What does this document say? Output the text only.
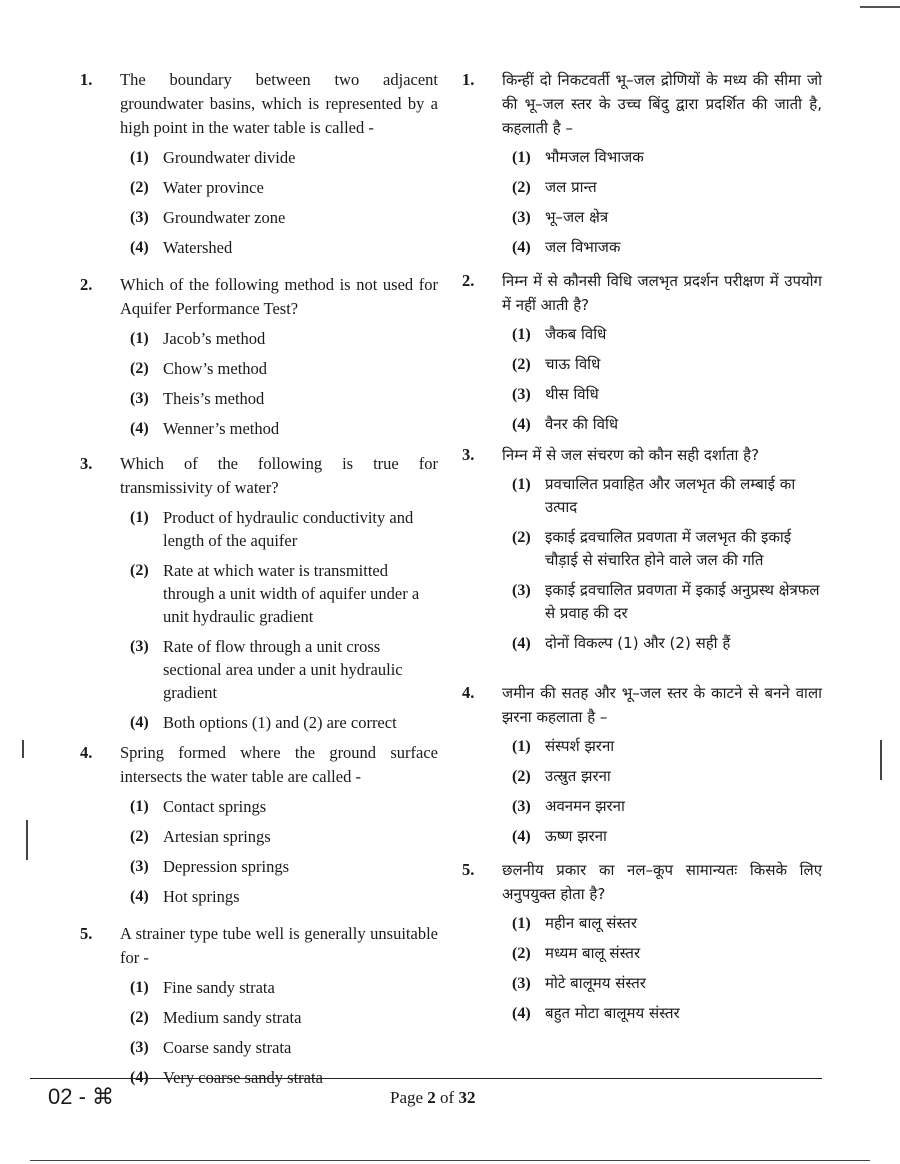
1. The boundary between two adjacent groundwater basins, which is represented by a high point in the water table is called -

(1) Groundwater divide
(2) Water province
(3) Groundwater zone
(4) Watershed
2. Which of the following method is not used for Aquifer Performance Test?

(1) Jacob’s method
(2) Chow’s method
(3) Theis’s method
(4) Wenner’s method
3. Which of the following is true for transmissivity of water?

(1) Product of hydraulic conductivity and length of the aquifer
(2) Rate at which water is transmitted through a unit width of aquifer under a unit hydraulic gradient
(3) Rate of flow through a unit cross sectional area under a unit hydraulic gradient
(4) Both options (1) and (2) are correct
4. Spring formed where the ground surface intersects the water table are called -

(1) Contact springs
(2) Artesian springs
(3) Depression springs
(4) Hot springs
5. A strainer type tube well is generally unsuitable for -

(1) Fine sandy strata
(2) Medium sandy strata
(3) Coarse sandy strata
(4) Very coarse sandy strata
1. किन्हीं दो निकटवर्ती भू–जल द्रोणियों के मध्य की सीमा जो की भू–जल स्तर के उच्च बिंदु द्वारा प्रदर्शित की जाती है, कहलाती है –

(1) भौमजल विभाजक
(2) जल प्रान्त
(3) भू–जल क्षेत्र
(4) जल विभाजक
2. निम्न में से कौनसी विधि जलभृत प्रदर्शन परीक्षण में उपयोग में नहीं आती है?

(1) जैकब विधि
(2) चाऊ विधि
(3) थीस विधि
(4) वैनर की विधि
3. निम्न में से जल संचरण को कौन सही दर्शाता है?

(1) प्रवचालित प्रवाहित और जलभृत की लम्बाई का उत्पाद
(2) इकाई द्रवचालित प्रवणता में जलभृत की इकाई चौड़ाई से संचारित होने वाले जल की गति
(3) इकाई द्रवचालित प्रवणता में इकाई अनुप्रस्थ क्षेत्रफल से प्रवाह की दर
(4) दोनों विकल्प (1) और (2) सही हैं
4. जमीन की सतह और भू–जल स्तर के काटने से बनने वाला झरना कहलाता है –

(1) संस्पर्श झरना
(2) उत्स्रुत झरना
(3) अवनमन झरना
(4) ऊष्ण झरना
5. छलनीय प्रकार का नल–कूप सामान्यतः किसके लिए अनुपयुक्त होता है?

(1) महीन बालू संस्तर
(2) मध्यम बालू संस्तर
(3) मोटे बालूमय संस्तर
(4) बहुत मोटा बालूमय संस्तर
02 - ⌘	Page 2 of 32
